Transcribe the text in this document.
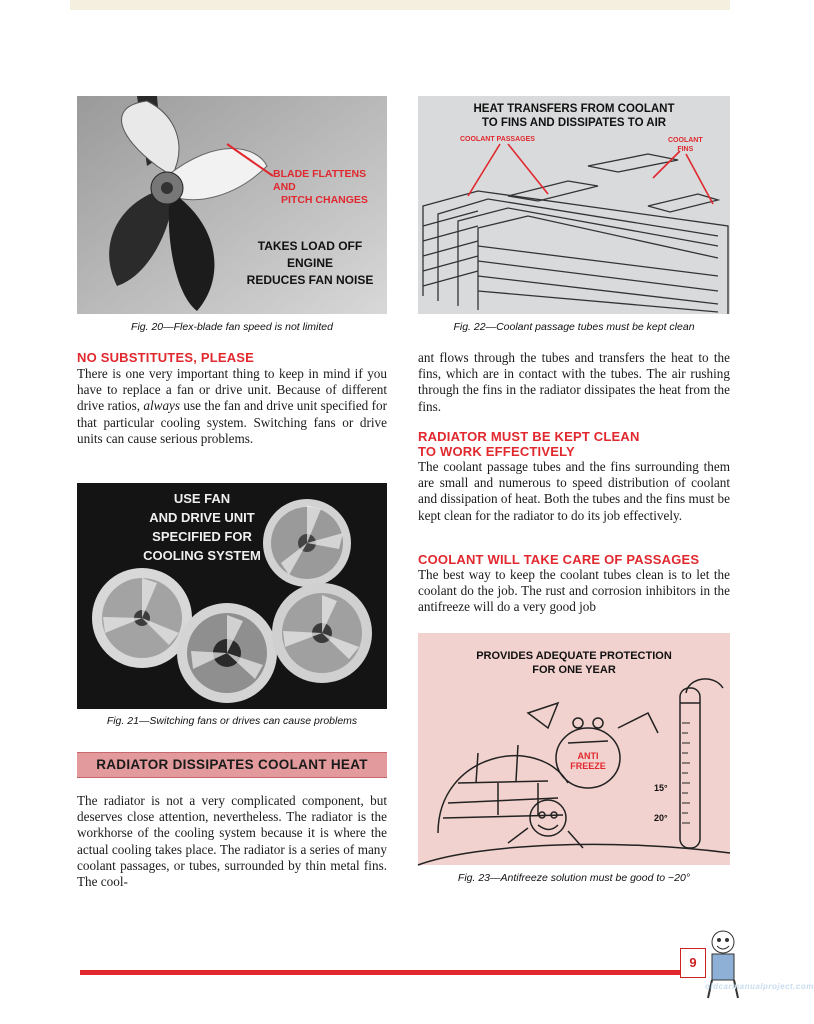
BLADE FLATTENS AND
PITCH CHANGES
TAKES LOAD OFF ENGINE
REDUCES FAN NOISE
Fig. 20—Flex-blade fan speed is not limited
HEAT TRANSFERS FROM COOLANT
TO FINS AND DISSIPATES TO AIR
COOLANT PASSAGES	COOLANT
FINS
Fig. 22—Coolant passage tubes must be kept clean
NO SUBSTITUTES, PLEASE

There is one very important thing to keep in mind if you have to replace a fan or drive unit. Because of different drive ratios, always use the fan and drive unit specified for that particular cooling system. Switching fans or drive units can cause serious problems.

USE FAN
AND DRIVE UNIT
SPECIFIED FOR
COOLING SYSTEM
Fig. 21—Switching fans or drives can cause problems
RADIATOR DISSIPATES COOLANT HEAT

The radiator is not a very complicated component, but deserves close attention, nevertheless. The radiator is the workhorse of the cooling system because it is where the actual cooling takes place. The radiator is a series of many coolant passages, or tubes, surrounded by thin metal fins. The cool-

ant flows through the tubes and transfers the heat to the fins, which are in contact with the tubes. The air rushing through the fins in the radiator dissipates the heat from the fins.

RADIATOR MUST BE KEPT CLEAN
TO WORK EFFECTIVELY

The coolant passage tubes and the fins surrounding them are small and numerous to speed distribution of coolant and dissipation of heat. Both the tubes and the fins must be kept clean for the radiator to do its job effectively.

COOLANT WILL TAKE CARE OF PASSAGES

The best way to keep the coolant tubes clean is to let the coolant do the job. The rust and corrosion inhibitors in the antifreeze will do a very good job

PROVIDES ADEQUATE PROTECTION
FOR ONE YEAR
ANTI FREEZE
15°
20°
Fig. 23—Antifreeze solution must be good to −20°
9
oldcarmanualproject.com
